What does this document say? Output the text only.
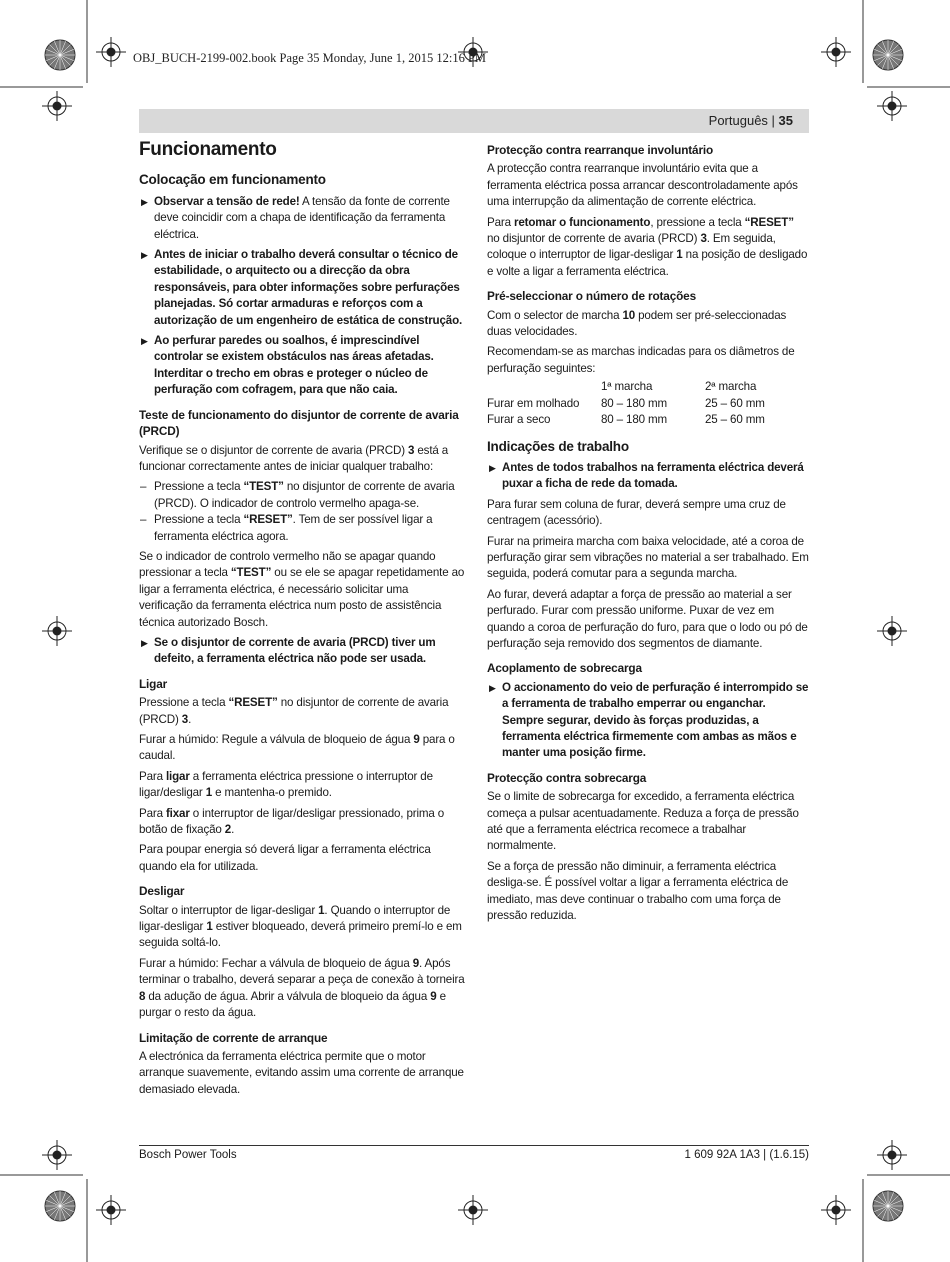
OBJ_BUCH-2199-002.book Page 35 Monday, June 1, 2015 12:16 PM
Português | 35
Funcionamento
Colocação em funcionamento
▶ Observar a tensão de rede! A tensão da fonte de corrente deve coincidir com a chapa de identificação da ferramenta eléctrica.
▶ Antes de iniciar o trabalho deverá consultar o técnico de estabilidade, o arquitecto ou a direcção da obra responsáveis, para obter informações sobre perfurações planejadas. Só cortar armaduras e reforços com a autorização de um engenheiro de estática de construção.
▶ Ao perfurar paredes ou soalhos, é imprescindível controlar se existem obstáculos nas áreas afetadas. Interditar o trecho em obras e proteger o núcleo de perfuração com cofragem, para que não caia.
Teste de funcionamento do disjuntor de corrente de avaria (PRCD)

Verifique se o disjuntor de corrente de avaria (PRCD) 3 está a funcionar correctamente antes de iniciar qualquer trabalho:

– Pressione a tecla “TEST” no disjuntor de corrente de avaria (PRCD). O indicador de controlo vermelho apaga-se.
– Pressione a tecla “RESET”. Tem de ser possível ligar a ferramenta eléctrica agora.

Se o indicador de controlo vermelho não se apagar quando pressionar a tecla “TEST” ou se ele se apagar repetidamente ao ligar a ferramenta eléctrica, é necessário solicitar uma verificação da ferramenta eléctrica num posto de assistência técnica autorizado Bosch.

▶ Se o disjuntor de corrente de avaria (PRCD) tiver um defeito, a ferramenta eléctrica não pode ser usada.
Ligar

Pressione a tecla “RESET” no disjuntor de corrente de avaria (PRCD) 3.

Furar a húmido: Regule a válvula de bloqueio de água 9 para o caudal.

Para ligar a ferramenta eléctrica pressione o interruptor de ligar/desligar 1 e mantenha-o premido.

Para fixar o interruptor de ligar/desligar pressionado, prima o botão de fixação 2.

Para poupar energia só deverá ligar a ferramenta eléctrica quando ela for utilizada.

Desligar

Soltar o interruptor de ligar-desligar 1. Quando o interruptor de ligar-desligar 1 estiver bloqueado, deverá primeiro premí-lo e em seguida soltá-lo.

Furar a húmido: Fechar a válvula de bloqueio de água 9. Após terminar o trabalho, deverá separar a peça de conexão à torneira 8 da adução de água. Abrir a válvula de bloqueio da água 9 e purgar o resto da água.

Limitação de corrente de arranque

A electrónica da ferramenta eléctrica permite que o motor arranque suavemente, evitando assim uma corrente de arranque demasiado elevada.

Protecção contra rearranque involuntário

A protecção contra rearranque involuntário evita que a ferramenta eléctrica possa arrancar descontroladamente após uma interrupção da alimentação de corrente eléctrica.

Para retomar o funcionamento, pressione a tecla “RESET” no disjuntor de corrente de avaria (PRCD) 3. Em seguida, coloque o interruptor de ligar-desligar 1 na posição de desligado e volte a ligar a ferramenta eléctrica.

Pré-seleccionar o número de rotações

Com o selector de marcha 10 podem ser pré-seleccionadas duas velocidades.

Recomendam-se as marchas indicadas para os diâmetros de perfuração seguintes:

	1ª marcha	2ª marcha
Furar em molhado	80 – 180 mm	25 – 60 mm
Furar a seco	80 – 180 mm	25 – 60 mm
Indicações de trabalho
▶ Antes de todos trabalhos na ferramenta eléctrica deverá puxar a ficha de rede da tomada.

Para furar sem coluna de furar, deverá sempre uma cruz de centragem (acessório).

Furar na primeira marcha com baixa velocidade, até a coroa de perfuração girar sem vibrações no material a ser trabalhado. Em seguida, poderá comutar para a segunda marcha.

Ao furar, deverá adaptar a força de pressão ao material a ser perfurado. Furar com pressão uniforme. Puxar de vez em quando a coroa de perfuração do furo, para que o lodo ou pó de perfuração seja removido dos segmentos de diamante.

Acoplamento de sobrecarga
▶ O accionamento do veio de perfuração é interrompido se a ferramenta de trabalho emperrar ou enganchar. Sempre segurar, devido às forças produzidas, a ferramenta eléctrica firmemente com ambas as mãos e manter uma posição firme.
Protecção contra sobrecarga

Se o limite de sobrecarga for excedido, a ferramenta eléctrica começa a pulsar acentuadamente. Reduza a força de pressão até que a ferramenta eléctrica recomece a trabalhar normalmente.

Se a força de pressão não diminuir, a ferramenta eléctrica desliga-se. É possível voltar a ligar a ferramenta eléctrica de imediato, mas deve continuar o trabalho com uma força de pressão reduzida.

Bosch Power Tools	1 609 92A 1A3 | (1.6.15)
